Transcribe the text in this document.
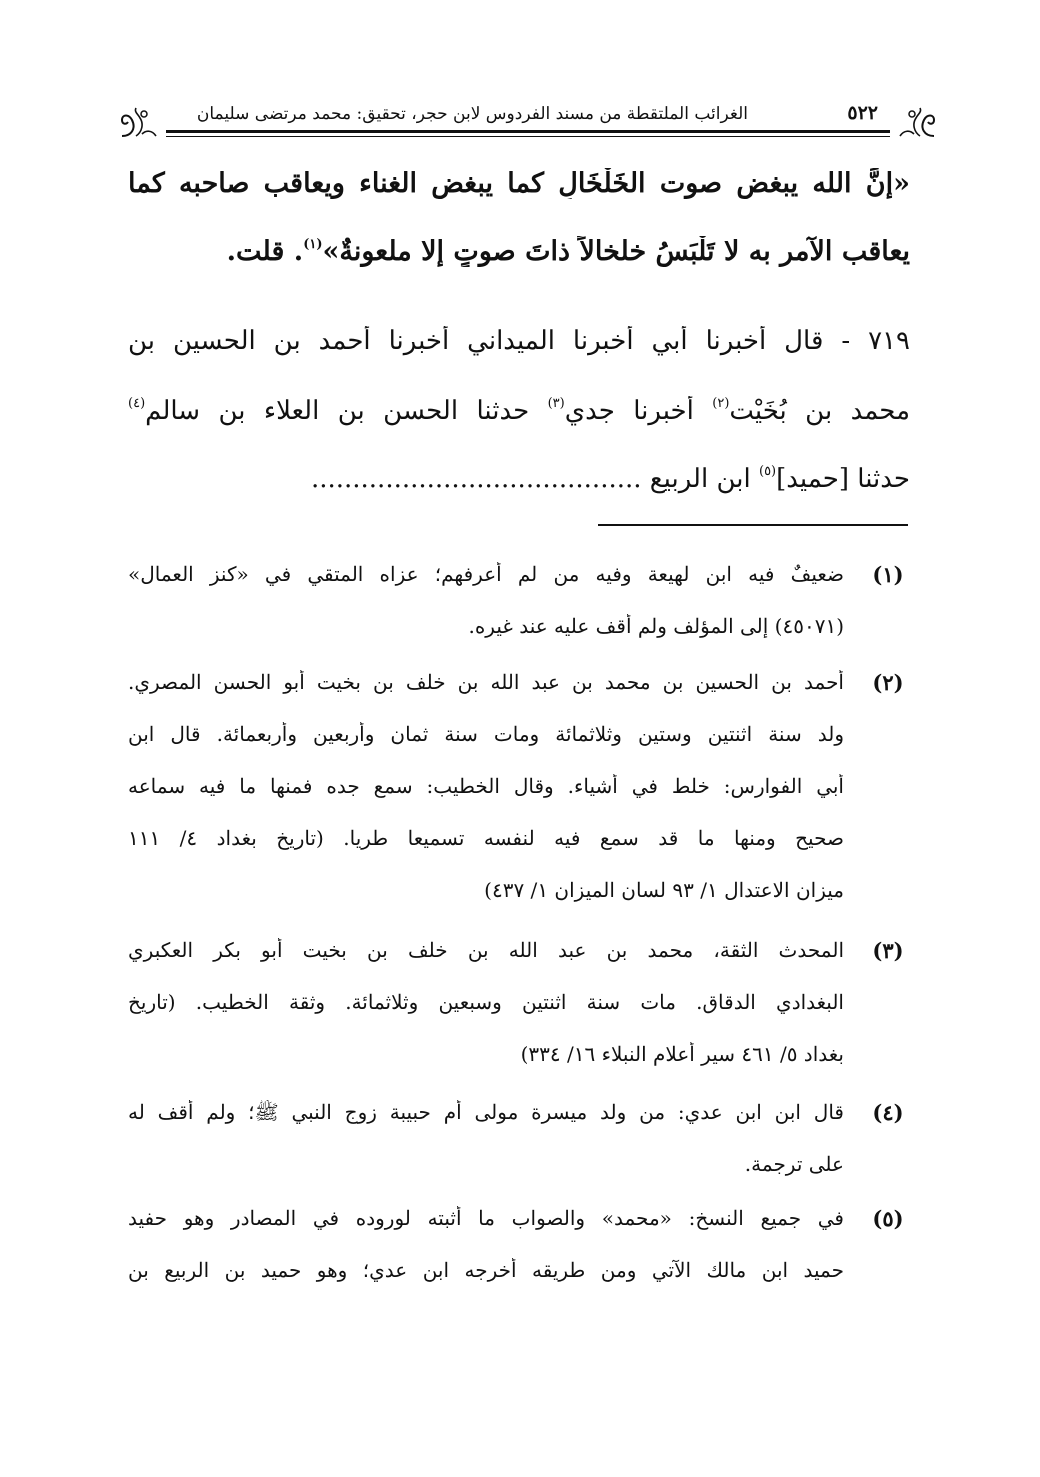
٥٢٢
الغرائب الملتقطة من مسند الفردوس لابن حجر، تحقيق: محمد مرتضى سليمان
«إنَّ الله يبغض صوت الخَلْخَالِ كما يبغض الغناء ويعاقب صاحبه كما
يعاقب الآمر به لا تَلْبَسُ خلخالاً ذاتَ صوتٍ إلا ملعونةٌ»$^{(١)}$. قلت.
٧١٩ - قال أخبرنا أبي أخبرنا الميداني أخبرنا أحمد بن الحسين بن
محمد بن بُخَيْت$^{(٢)}$ أخبرنا جدي$^{(٣)}$ حدثنا الحسن بن العلاء بن سالم$^{(٤)}$
حدثنا [حميد]$^{(٥)}$ ابن الربيع ........................................
(١)
ضعيفٌ فيه ابن لهيعة وفيه من لم أعرفهم؛ عزاه المتقي في «كنز العمال»
(٤٥٠٧١) إلى المؤلف ولم أقف عليه عند غيره.
(٢)
أحمد بن الحسين بن محمد بن عبد الله بن خلف بن بخيت أبو الحسن المصري.
ولد سنة اثنتين وستين وثلاثمائة ومات سنة ثمان وأربعين وأربعمائة. قال ابن
أبي الفوارس: خلط في أشياء. وقال الخطيب: سمع جده فمنها ما فيه سماعه
صحيح ومنها ما قد سمع فيه لنفسه تسميعا طريا. (تاريخ بغداد ٤/ ١١١
ميزان الاعتدال ١/ ٩٣ لسان الميزان ١/ ٤٣٧)
(٣)
المحدث الثقة، محمد بن عبد الله بن خلف بن بخيت أبو بكر العكبري
البغدادي الدقاق. مات سنة اثنتين وسبعين وثلاثمائة. وثقة الخطيب. (تاريخ
بغداد ٥/ ٤٦١ سير أعلام النبلاء ١٦/ ٣٣٤)
(٤)
قال ابن ابن عدي: من ولد ميسرة مولى أم حبيبة زوج النبي ﷺ؛ ولم أقف له
على ترجمة.
(٥)
في جميع النسخ: «محمد» والصواب ما أثبته لوروده في المصادر وهو حفيد
حميد ابن مالك الآتي ومن طريقه أخرجه ابن عدي؛ وهو حميد بن الربيع بن
